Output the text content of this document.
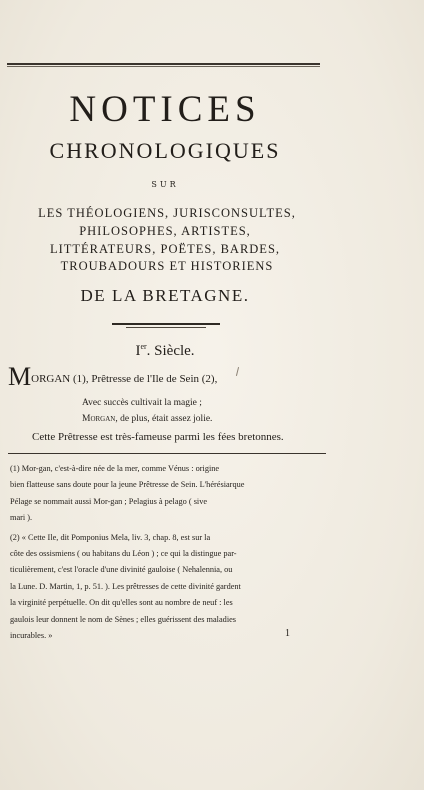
NOTICES
CHRONOLOGIQUES
SUR
LES THÉOLOGIENS, JURISCONSULTES,
PHILOSOPHES, ARTISTES,
LITTÉRATEURS, POËTES, BARDES,
TROUBADOURS ET HISTORIENS
DE LA BRETAGNE.
Ier. Siècle.
MORGAN (1), Prêtresse de l'Ile de Sein (2),
Avec succès cultivait la magie ;
Morgan, de plus, était assez jolie.
Cette Prêtresse est très-fameuse parmi les fées bretonnes.

(1) Mor-gan, c'est-à-dire née de la mer, comme Vénus : origine
bien flatteuse sans doute pour la jeune Prêtresse de Sein. L'hérésiarque
Pélage se nommait aussi Mor-gan ; Pelagius à pelago ( sive
mari ).

(2) « Cette Ile, dit Pomponius Mela, liv. 3, chap. 8, est sur la
côte des ossismiens ( ou habitans du Léon ) ; ce qui la distingue par-
ticulièrement, c'est l'oracle d'une divinité gauloise ( Nehalennia, ou
la Lune. D. Martin, 1, p. 51. ). Les prêtresses de cette divinité gardent
la virginité perpétuelle. On dit qu'elles sont au nombre de neuf : les
gaulois leur donnent le nom de Sènes ; elles guérissent des maladies
incurables. »	1
